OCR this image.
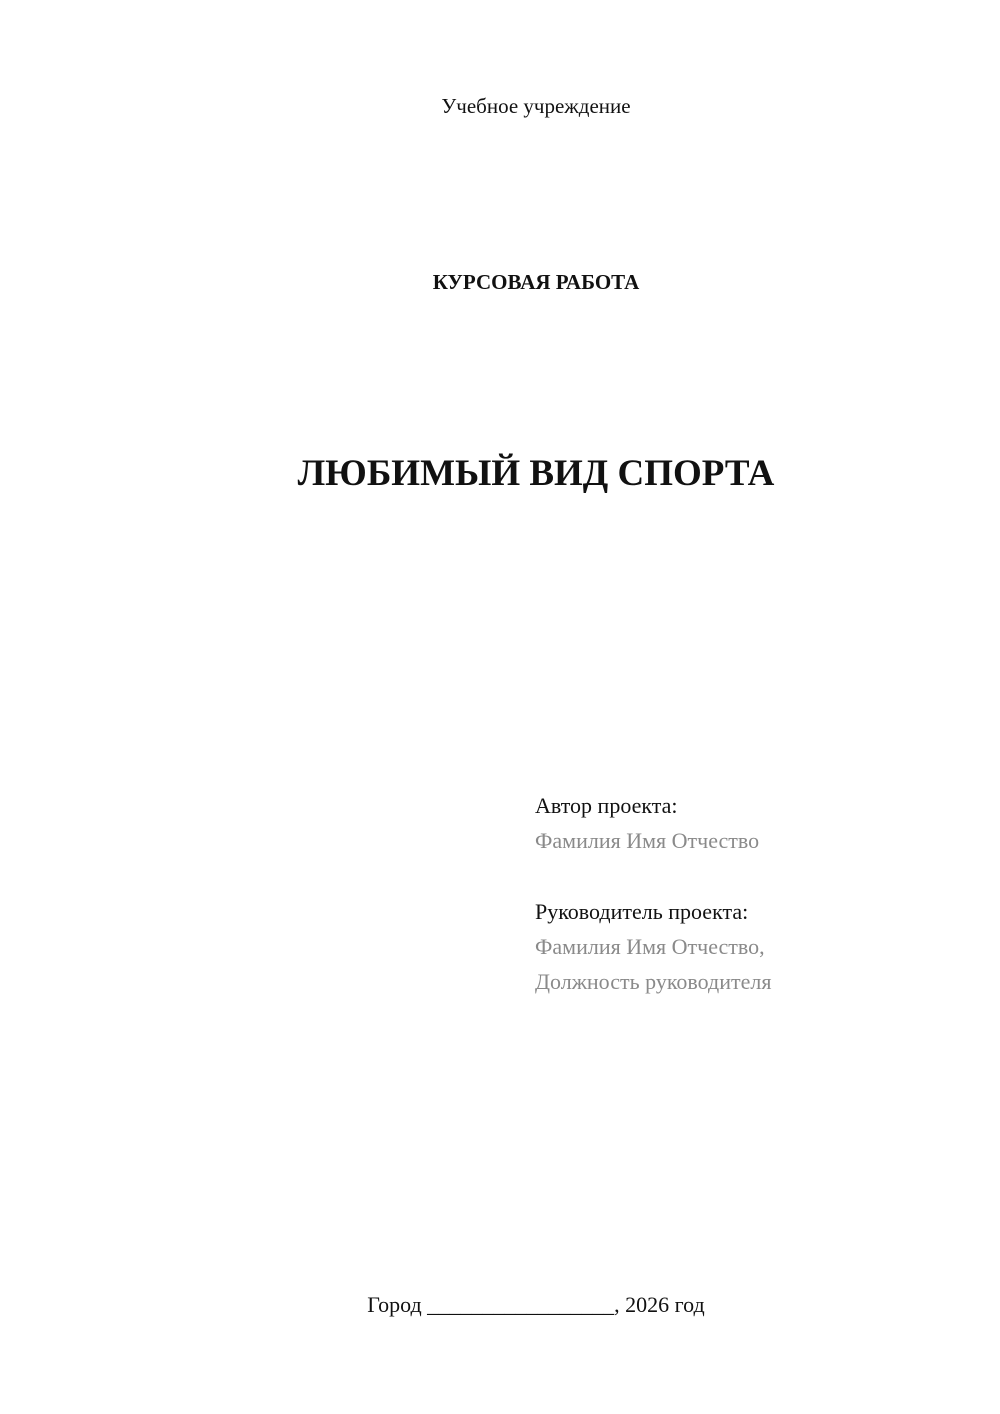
Учебное учреждение
КУРСОВАЯ РАБОТА
ЛЮБИМЫЙ ВИД СПОРТА
Автор проекта:
Фамилия Имя Отчество
Руководитель проекта:
Фамилия Имя Отчество,
Должность руководителя
Город _________________, 2026 год
